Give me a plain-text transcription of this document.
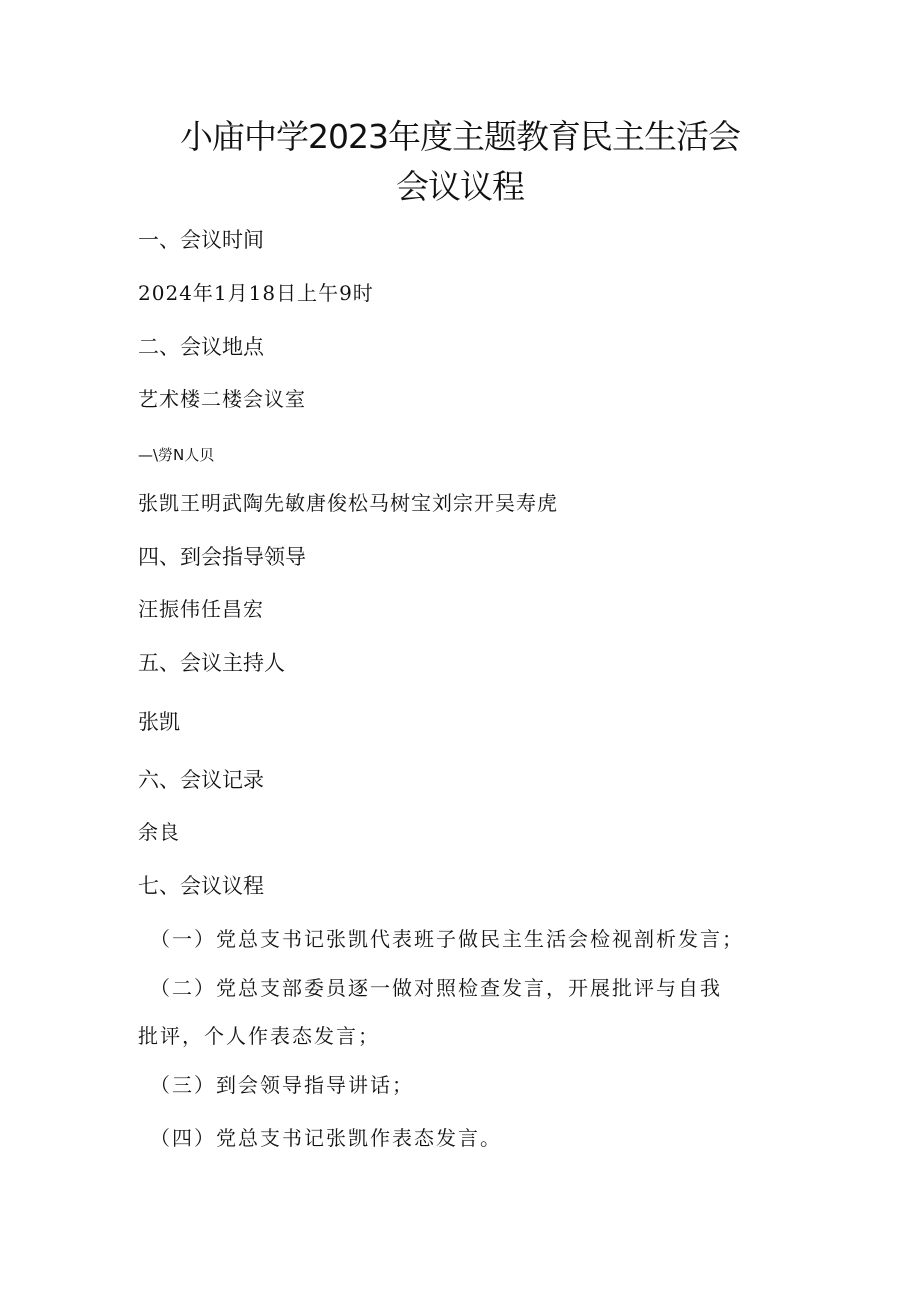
小庙中学2023年度主题教育民主生活会
会议议程
一、会议时间
2024年1月18日上午9时
二、会议地点
艺术楼二楼会议室
—\勞N人贝
张凯王明武陶先敏唐俊松马树宝刘宗开吴寿虎
四、到会指导领导
汪振伟任昌宏
五、会议主持人
张凯
六、会议记录
余良
七、会议议程
（一）党总支书记张凯代表班子做民主生活会检视剖析发言；
（二）党总支部委员逐一做对照检查发言，开展批评与自我
批评，个人作表态发言；
（三）到会领导指导讲话；
（四）党总支书记张凯作表态发言。
